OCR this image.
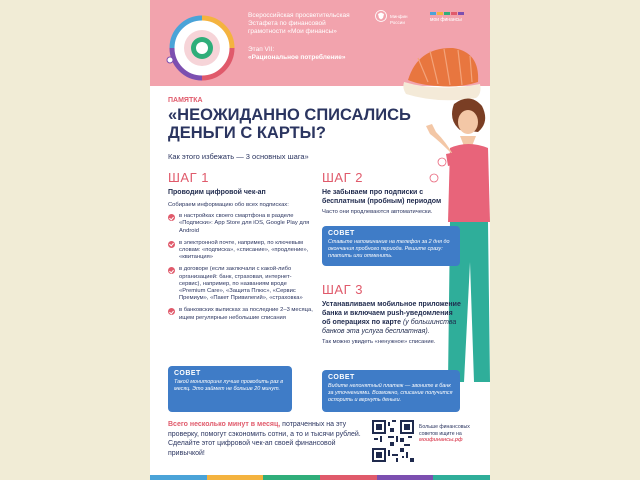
Всероссийская просветительская Эстафета по финансовой грамотности «Мои финансы»
Этап VII:
«Рациональное потребление»
Минфин России	мои финансы
ПАМЯТКА
«НЕОЖИДАННО СПИСАЛИСЬ ДЕНЬГИ С КАРТЫ?
Как этого избежать — 3 основных шага»
ШАГ 1
Проводим цифровой чек-ап
Собираем информацию обо всех подписках:
в настройках своего смартфона в разделе «Подписки»: App Store для iOS, Google Play для Android
в электронной почте, например, по ключевым словам: «подписка», «списание», «продление», «квитанция»
в договоре (если заключали с какой-либо организацией: банк, страховая, интернет-сервис), например, по названиям вроде «Premium Care», «Защита Плюс», «Сервис Премиум», «Пакет Привилегий», «страховка»
в банковских выписках за последние 2–3 месяца, ищем регулярные небольшие списания
СОВЕТ
Такой мониторинг лучше проводить раз в месяц. Это займет не больше 20 минут.
ШАГ 2
Не забываем про подписки с бесплатным (пробным) периодом
Часто они продлеваются автоматически.
СОВЕТ
Ставьте напоминание на телефон за 2 дня до окончания пробного периода. Решите сразу: платить или отменить.
ШАГ 3
Устанавливаем мобильное приложение банка и включаем push-уведомления об операциях по карте (у большинства банков эта услуга бесплатная).
Так можно увидеть «ненужное» списание.
СОВЕТ
Видите непонятный платеж — звоните в банк за уточнениями. Возможно, списание получится оспорить и вернуть деньги.
Всего несколько минут в месяц, потраченных на эту проверку, помогут сэкономить сотни, а то и тысячи рублей. Сделайте этот цифровой чек-ап своей финансовой привычкой!
Больше финансовых советов ищите на
моифинансы.рф
